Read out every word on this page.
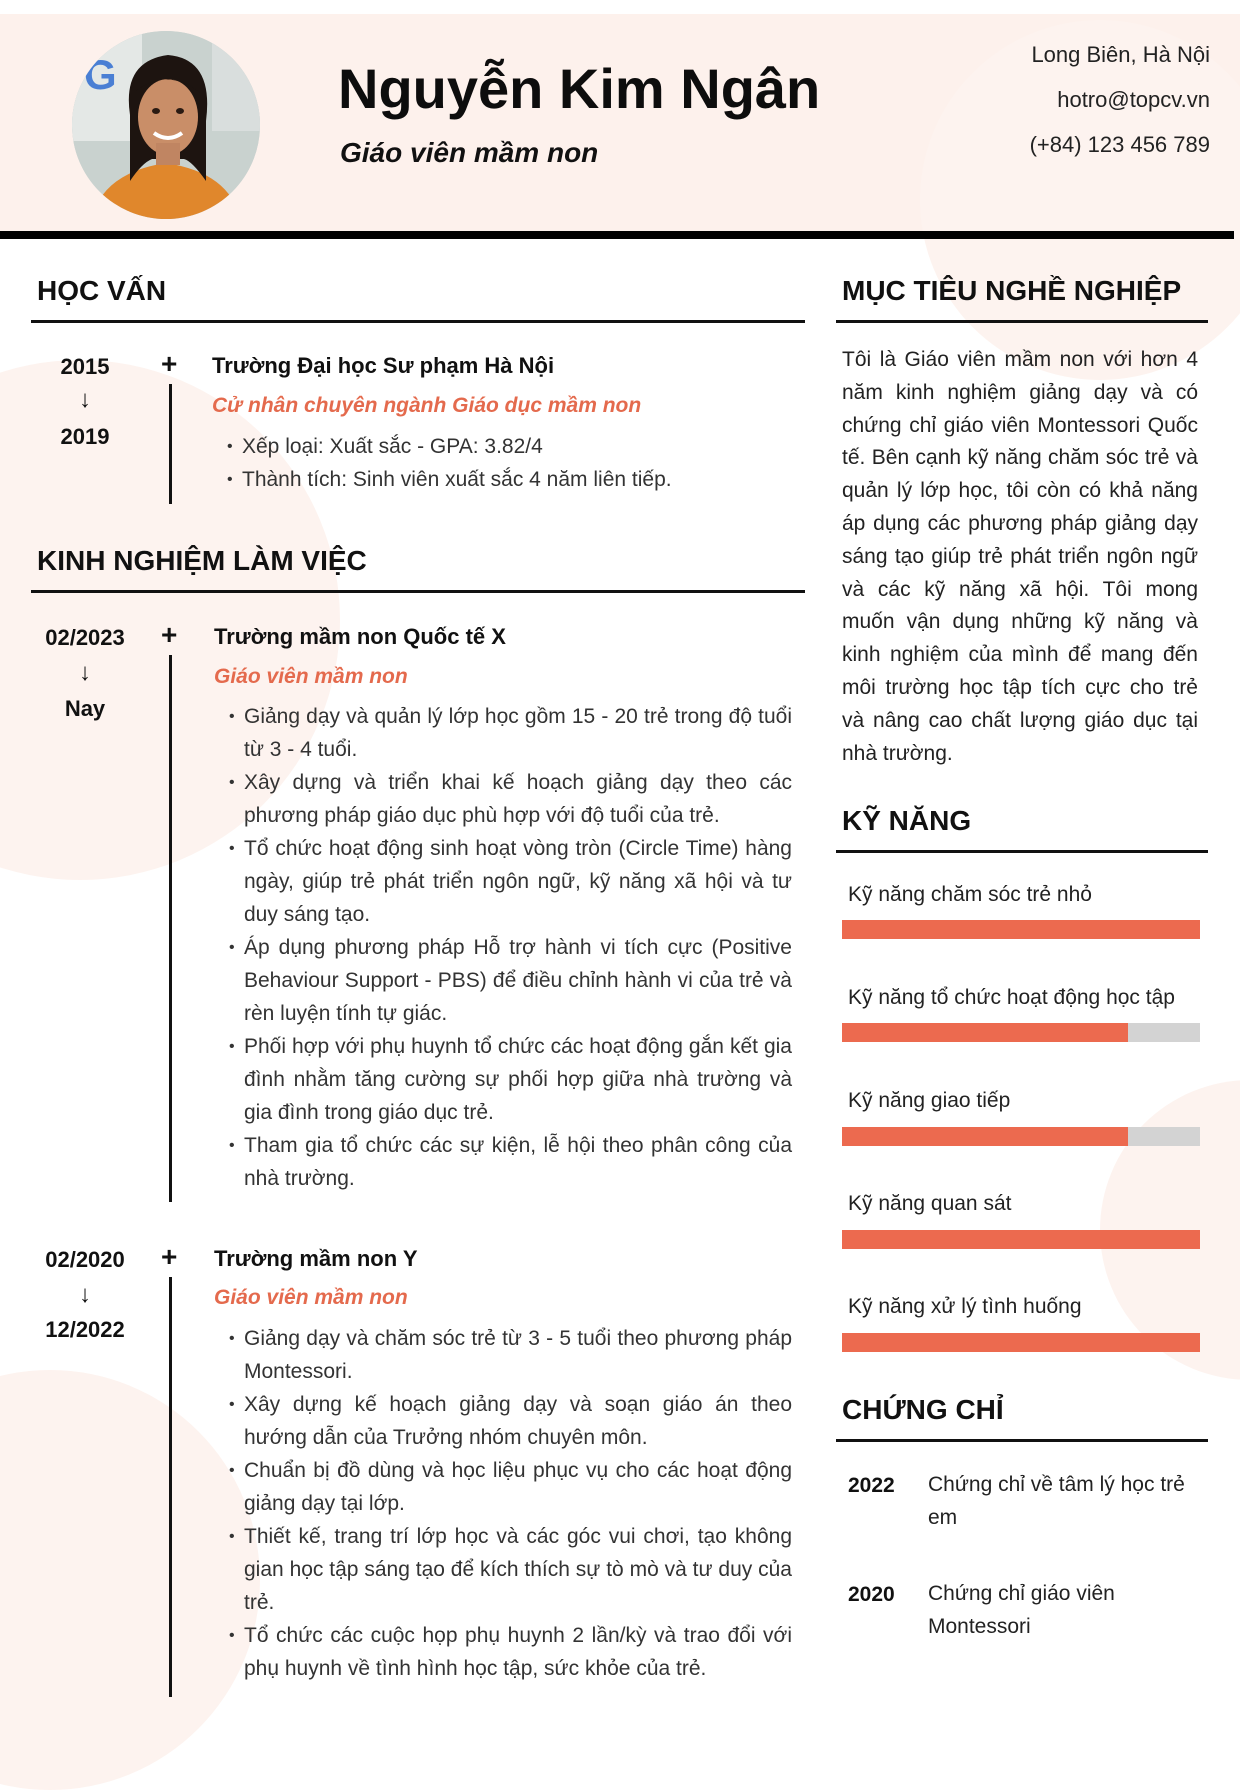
G	Nguyễn Kim Ngân
Giáo viên mầm non
Long Biên, Hà Nội
hotro@topcv.vn
(+84) 123 456 789
HỌC VẤN
2015
↓
2019
+ Trường Đại học Sư phạm Hà Nội
Cử nhân chuyên ngành Giáo dục mầm non
• Xếp loại: Xuất sắc - GPA: 3.82/4
• Thành tích: Sinh viên xuất sắc 4 năm liên tiếp.
KINH NGHIỆM LÀM VIỆC
02/2023
↓
Nay
+ Trường mầm non Quốc tế X
Giáo viên mầm non
• Giảng dạy và quản lý lớp học gồm 15 - 20 trẻ trong độ tuổi từ 3 - 4 tuổi.
• Xây dựng và triển khai kế hoạch giảng dạy theo các phương pháp giáo dục phù hợp với độ tuổi của trẻ.
• Tổ chức hoạt động sinh hoạt vòng tròn (Circle Time) hàng ngày, giúp trẻ phát triển ngôn ngữ, kỹ năng xã hội và tư duy sáng tạo.
• Áp dụng phương pháp Hỗ trợ hành vi tích cực (Positive Behaviour Support - PBS) để điều chỉnh hành vi của trẻ và rèn luyện tính tự giác.
• Phối hợp với phụ huynh tổ chức các hoạt động gắn kết gia đình nhằm tăng cường sự phối hợp giữa nhà trường và gia đình trong giáo dục trẻ.
• Tham gia tổ chức các sự kiện, lễ hội theo phân công của nhà trường.
02/2020
↓
12/2022
+ Trường mầm non Y
Giáo viên mầm non
• Giảng dạy và chăm sóc trẻ từ 3 - 5 tuổi theo phương pháp Montessori.
• Xây dựng kế hoạch giảng dạy và soạn giáo án theo hướng dẫn của Trưởng nhóm chuyên môn.
• Chuẩn bị đồ dùng và học liệu phục vụ cho các hoạt động giảng dạy tại lớp.
• Thiết kế, trang trí lớp học và các góc vui chơi, tạo không gian học tập sáng tạo để kích thích sự tò mò và tư duy của trẻ.
• Tổ chức các cuộc họp phụ huynh 2 lần/kỳ và trao đổi với phụ huynh về tình hình học tập, sức khỏe của trẻ.
MỤC TIÊU NGHỀ NGHIỆP
Tôi là Giáo viên mầm non với hơn 4 năm kinh nghiệm giảng dạy và có chứng chỉ giáo viên Montessori Quốc tế. Bên cạnh kỹ năng chăm sóc trẻ và quản lý lớp học, tôi còn có khả năng áp dụng các phương pháp giảng dạy sáng tạo giúp trẻ phát triển ngôn ngữ và các kỹ năng xã hội. Tôi mong muốn vận dụng những kỹ năng và kinh nghiệm của mình để mang đến môi trường học tập tích cực cho trẻ và nâng cao chất lượng giáo dục tại nhà trường.
KỸ NĂNG
Kỹ năng chăm sóc trẻ nhỏ
Kỹ năng tổ chức hoạt động học tập
Kỹ năng giao tiếp
Kỹ năng quan sát
Kỹ năng xử lý tình huống
CHỨNG CHỈ
2022 Chứng chỉ về tâm lý học trẻ em
2020 Chứng chỉ giáo viên Montessori
